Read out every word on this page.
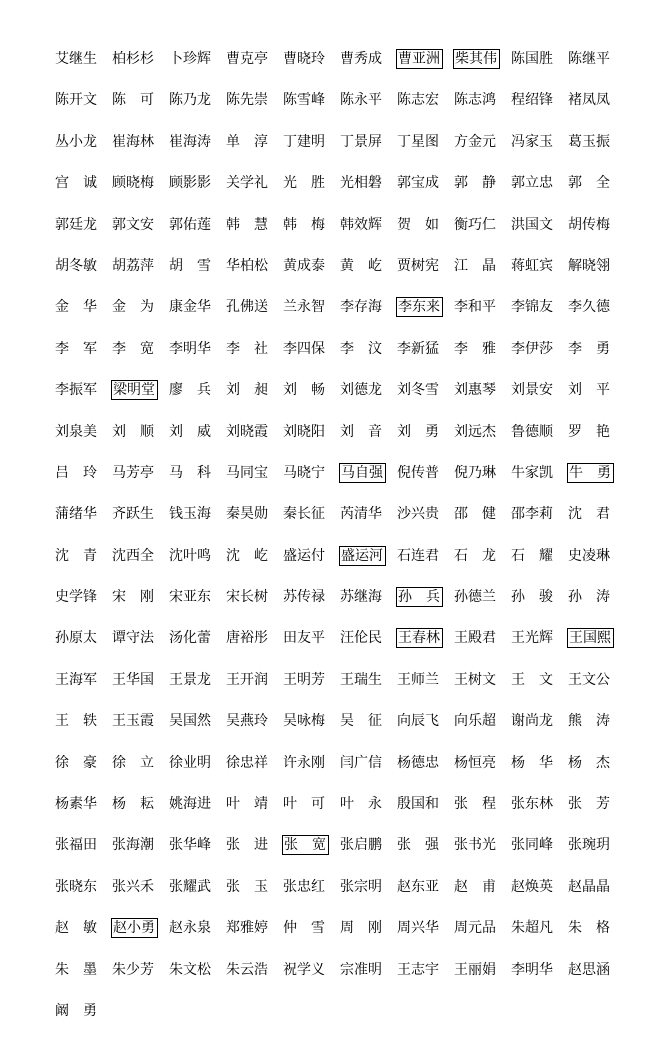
艾继生 柏杉杉 卜珍辉 曹克亭 曹晓玲 曹秀成 曹亚洲 柴其伟 陈国胜 陈继平
陈开文 陈　可 陈乃龙 陈先崇 陈雪峰 陈永平 陈志宏 陈志鸿 程绍锋 褚凤凤
丛小龙 崔海林 崔海涛 单　淳 丁建明 丁景屏 丁星图 方金元 冯家玉 葛玉振
宫　诚 顾晓梅 顾影影 关学礼 光　胜 光相磐 郭宝成 郭　静 郭立忠 郭　全
郭廷龙 郭文安 郭佑莲 韩　慧 韩　梅 韩效辉 贺　如 衡巧仁 洪国文 胡传梅
胡冬敏 胡荔萍 胡　雪 华柏松 黄成泰 黄　屹 贾树宪 江　晶 蒋虹宾 解晓翎
金　华 金　为 康金华 孔佛送 兰永智 李存海 李东来 李和平 李锦友 李久德
李　军 李　宽 李明华 李　社 李四保 李　汶 李新猛 李　雅 李伊莎 李　勇
李振军 梁明堂 廖　兵 刘　昶 刘　畅 刘德龙 刘冬雪 刘惠琴 刘景安 刘　平
刘泉美 刘　顺 刘　威 刘晓霞 刘晓阳 刘　音 刘　勇 刘远杰 鲁德顺 罗　艳
吕　玲 马芳亭 马　科 马同宝 马晓宁 马自强 倪传普 倪乃琳 牛家凯 牛　勇
蒲绪华 齐跃生 钱玉海 秦昊勋 秦长征 芮清华 沙兴贵 邵　健 邵李莉 沈　君
沈　青 沈西全 沈叶鸣 沈　屹 盛运付 盛运河 石连君 石　龙 石　耀 史凌琳
史学锋 宋　刚 宋亚东 宋长树 苏传禄 苏继海 孙　兵 孙德兰 孙　骏 孙　涛
孙原太 谭守法 汤化蕾 唐裕彤 田友平 汪伦民 王春林 王殿君 王光辉 王国熙
王海军 王华国 王景龙 王开润 王明芳 王瑞生 王师兰 王树文 王　文 王文公
王　轶 王玉霞 吴国然 吴燕玲 吴咏梅 吴　征 向辰飞 向乐超 谢尚龙 熊　涛
徐　豪 徐　立 徐业明 徐忠祥 许永刚 闫广信 杨德忠 杨恒亮 杨　华 杨　杰
杨素华 杨　耘 姚海进 叶　靖 叶　可 叶　永 殷国和 张　程 张东林 张　芳
张福田 张海潮 张华峰 张　进 张　宽 张启鹏 张　强 张书光 张同峰 张琬玥
张晓东 张兴禾 张耀武 张　玉 张忠红 张宗明 赵东亚 赵　甫 赵焕英 赵晶晶
赵　敏 赵小勇 赵永泉 郑雅婷 仲　雪 周　刚 周兴华 周元品 朱超凡 朱　格
朱　墨 朱少芳 朱文松 朱云浩 祝学义 宗准明 王志宇 王丽娟 李明华 赵思涵
阚　勇
